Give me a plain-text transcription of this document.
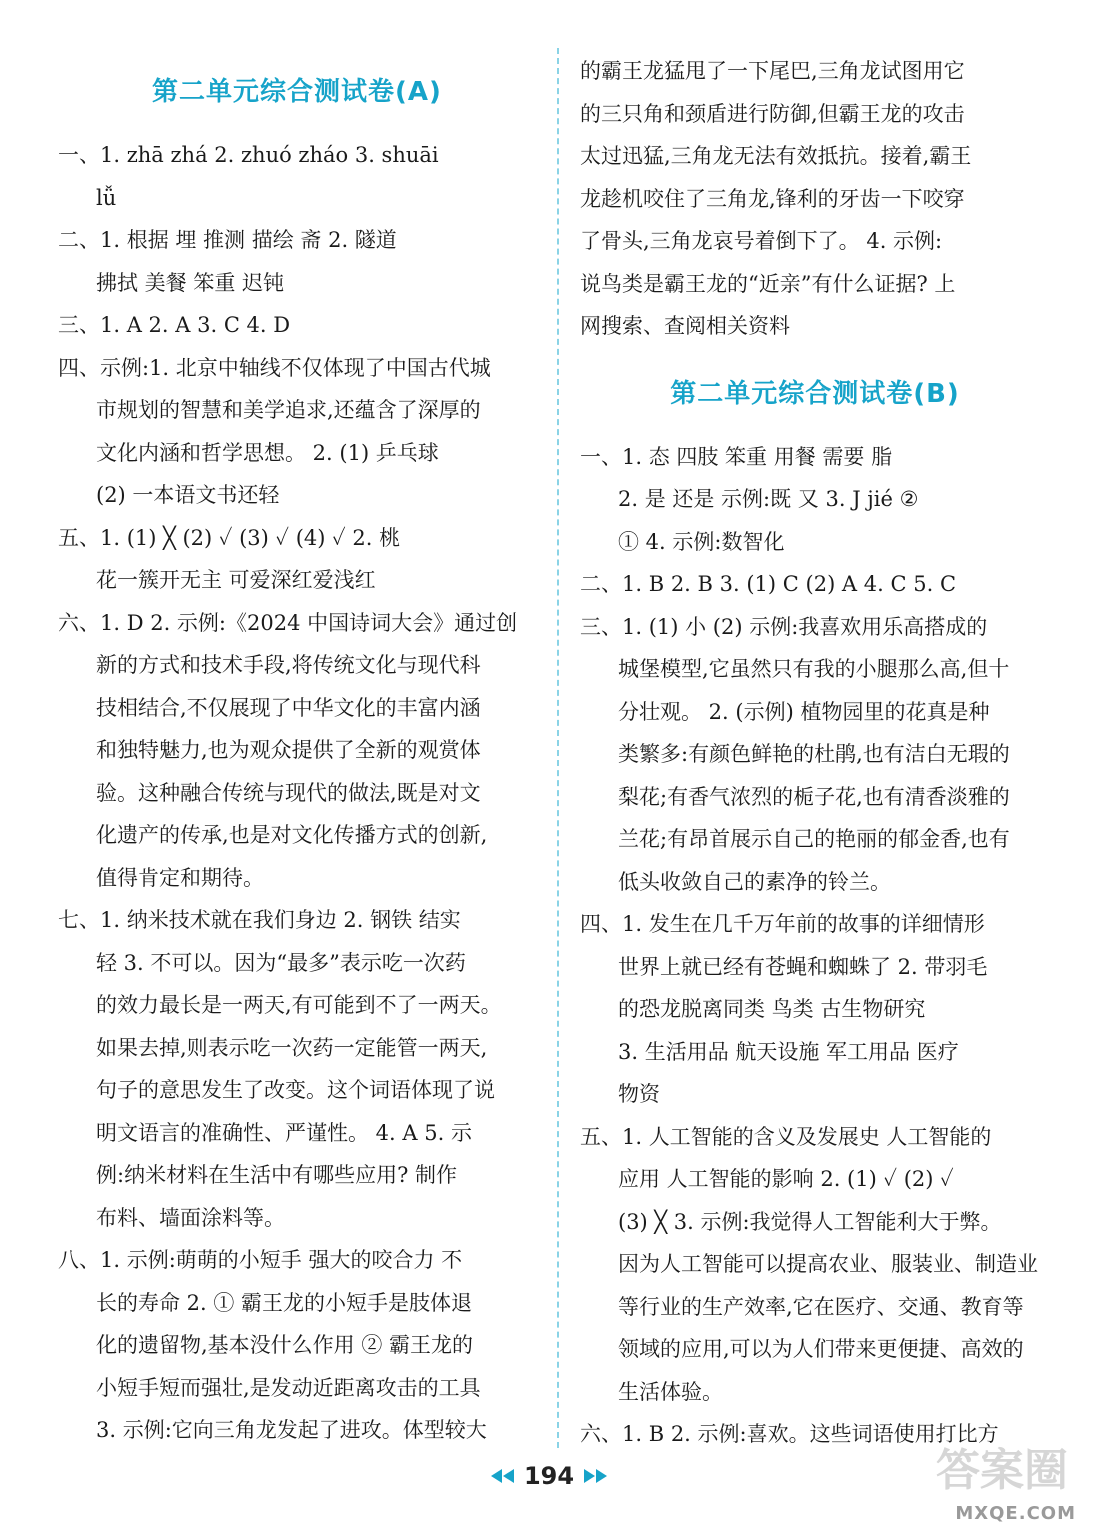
第二单元综合测试卷(A)
一、1. zhā zhá 2. zhuó zháo 3. shuāi
lǚ
二、1. 根据 埋 推测 描绘 斋 2. 隧道
拂拭 美餐 笨重 迟钝
三、1. A 2. A 3. C 4. D
四、示例:1. 北京中轴线不仅体现了中国古代城
市规划的智慧和美学追求,还蕴含了深厚的
文化内涵和哲学思想。 2. (1) 乒乓球
(2) 一本语文书还轻
五、1. (1) ╳ (2) ✓ (3) ✓ (4) ✓ 2. 桃
花一簇开无主 可爱深红爱浅红
六、1. D 2. 示例:《2024 中国诗词大会》通过创
新的方式和技术手段,将传统文化与现代科
技相结合,不仅展现了中华文化的丰富内涵
和独特魅力,也为观众提供了全新的观赏体
验。这种融合传统与现代的做法,既是对文
化遗产的传承,也是对文化传播方式的创新,
值得肯定和期待。
七、1. 纳米技术就在我们身边 2. 钢铁 结实
轻 3. 不可以。因为“最多”表示吃一次药
的效力最长是一两天,有可能到不了一两天。
如果去掉,则表示吃一次药一定能管一两天,
句子的意思发生了改变。这个词语体现了说
明文语言的准确性、严谨性。 4. A 5. 示
例:纳米材料在生活中有哪些应用? 制作
布料、墙面涂料等。
八、1. 示例:萌萌的小短手 强大的咬合力 不
长的寿命 2. ① 霸王龙的小短手是肢体退
化的遗留物,基本没什么作用 ② 霸王龙的
小短手短而强壮,是发动近距离攻击的工具
3. 示例:它向三角龙发起了进攻。体型较大
的霸王龙猛甩了一下尾巴,三角龙试图用它
的三只角和颈盾进行防御,但霸王龙的攻击
太过迅猛,三角龙无法有效抵抗。接着,霸王
龙趁机咬住了三角龙,锋利的牙齿一下咬穿
了骨头,三角龙哀号着倒下了。 4. 示例:
说鸟类是霸王龙的“近亲”有什么证据? 上
网搜索、查阅相关资料
第二单元综合测试卷(B)
一、1. 态 四肢 笨重 用餐 需要 脂
2. 是 还是 示例:既 又 3. J jié ②
① 4. 示例:数智化
二、1. B 2. B 3. (1) C (2) A 4. C 5. C
三、1. (1) 小 (2) 示例:我喜欢用乐高搭成的
城堡模型,它虽然只有我的小腿那么高,但十
分壮观。 2. (示例) 植物园里的花真是种
类繁多:有颜色鲜艳的杜鹃,也有洁白无瑕的
梨花;有香气浓烈的栀子花,也有清香淡雅的
兰花;有昂首展示自己的艳丽的郁金香,也有
低头收敛自己的素净的铃兰。
四、1. 发生在几千万年前的故事的详细情形
世界上就已经有苍蝇和蜘蛛了 2. 带羽毛
的恐龙脱离同类 鸟类 古生物研究
3. 生活用品 航天设施 军工用品 医疗
物资
五、1. 人工智能的含义及发展史 人工智能的
应用 人工智能的影响 2. (1) ✓ (2) ✓
(3) ╳ 3. 示例:我觉得人工智能利大于弊。
因为人工智能可以提高农业、服装业、制造业
等行业的生产效率,它在医疗、交通、教育等
领域的应用,可以为人们带来更便捷、高效的
生活体验。
六、1. B 2. 示例:喜欢。这些词语使用打比方
194	答案圈
MXQE.COM
